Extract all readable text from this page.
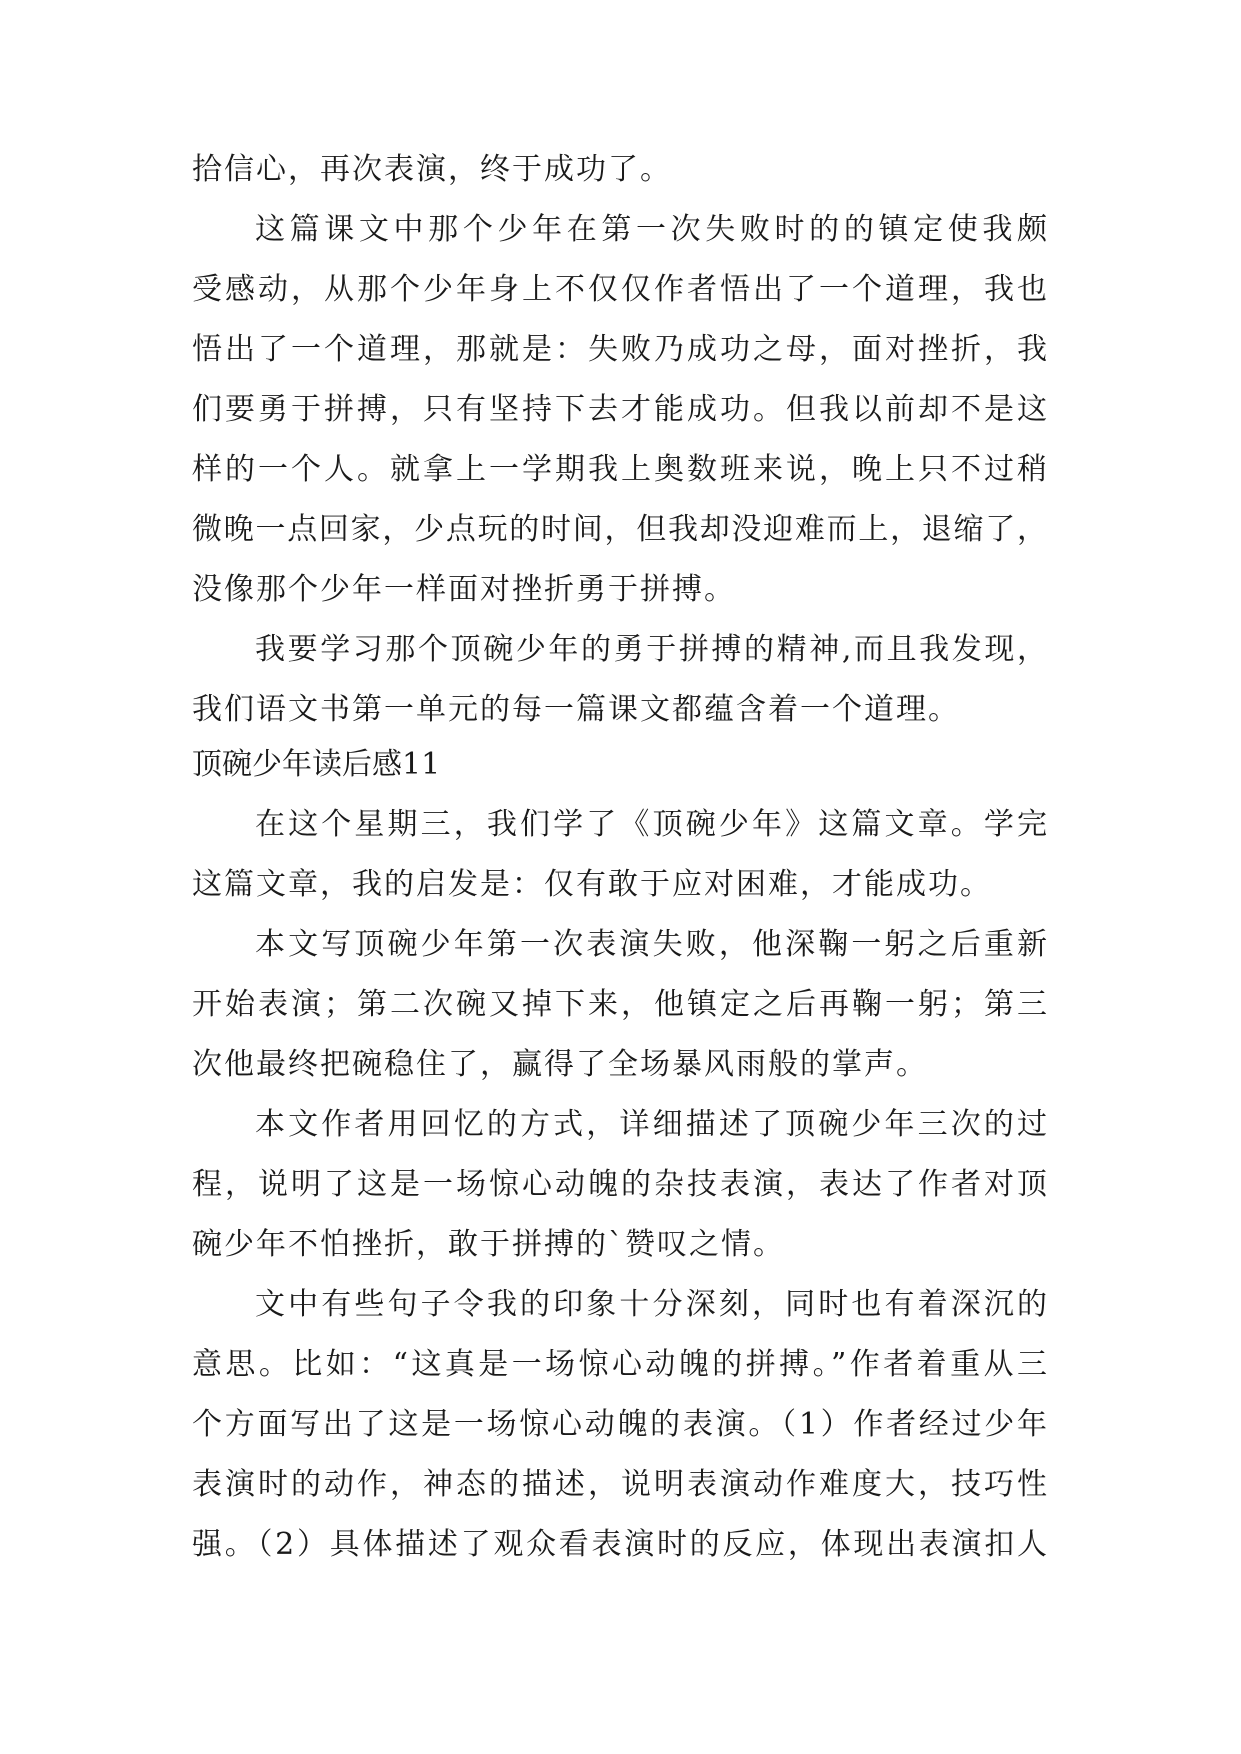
拾信心，再次表演，终于成功了。
这篇课文中那个少年在第一次失败时的的镇定使我颇
受感动，从那个少年身上不仅仅作者悟出了一个道理，我也
悟出了一个道理，那就是：失败乃成功之母，面对挫折，我
们要勇于拼搏，只有坚持下去才能成功。但我以前却不是这
样的一个人。就拿上一学期我上奥数班来说，晚上只不过稍
微晚一点回家，少点玩的时间，但我却没迎难而上，退缩了，
没像那个少年一样面对挫折勇于拼搏。
我要学习那个顶碗少年的勇于拼搏的精神,而且我发现，
我们语文书第一单元的每一篇课文都蕴含着一个道理。
顶碗少年读后感11
在这个星期三，我们学了《顶碗少年》这篇文章。学完
这篇文章，我的启发是：仅有敢于应对困难，才能成功。
本文写顶碗少年第一次表演失败，他深鞠一躬之后重新
开始表演；第二次碗又掉下来，他镇定之后再鞠一躬；第三
次他最终把碗稳住了，赢得了全场暴风雨般的掌声。
本文作者用回忆的方式，详细描述了顶碗少年三次的过
程，说明了这是一场惊心动魄的杂技表演，表达了作者对顶
碗少年不怕挫折，敢于拼搏的`赞叹之情。
文中有些句子令我的印象十分深刻，同时也有着深沉的
意思。比如：“这真是一场惊心动魄的拼搏。”作者着重从三
个方面写出了这是一场惊心动魄的表演。（1）作者经过少年
表演时的动作，神态的描述，说明表演动作难度大，技巧性
强。（2）具体描述了观众看表演时的反应，体现出表演扣人
